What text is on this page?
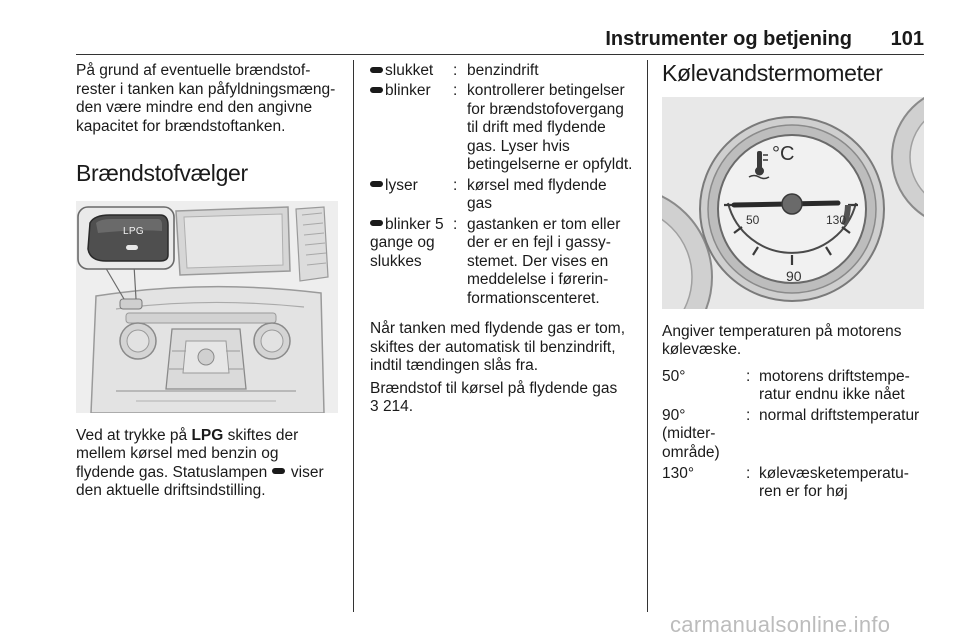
Instrumenter og betjening 101

På grund af eventuelle brændstofrester i tanken kan påfyldningsmængden være mindre end den angivne kapacitet for brændstoftanken.

Brændstofvælger
LPG

Ved at trykke på LPG skiftes der mellem kørsel med benzin og flydende gas. Statuslampen  viser den aktuelle driftsindstilling.

slukket : benzindrift
blinker : kontrollerer betingelser for brændstofovergang til drift med flydende gas. Lyser hvis betingelserne er opfyldt.
lyser : kørsel med flydende gas
blinker 5 gange og slukkes
: gastanken er tom eller der er en fejl i gassystemet. Der vises en meddelelse i førerinformationscenteret.

Når tanken med flydende gas er tom, skiftes der automatisk til benzindrift, indtil tændingen slås fra.

Brændstof til kørsel på flydende gas
3 214.

Kølevandstermometer
°C
50
90
130

Angiver temperaturen på motorens kølevæske.

50°	: motorens driftstemperatur endnu ikke nået
90° (midterområde)
: normal driftstemperatur
130°	: kølevæsketemperaturen er for høj
carmanualsonline.info
